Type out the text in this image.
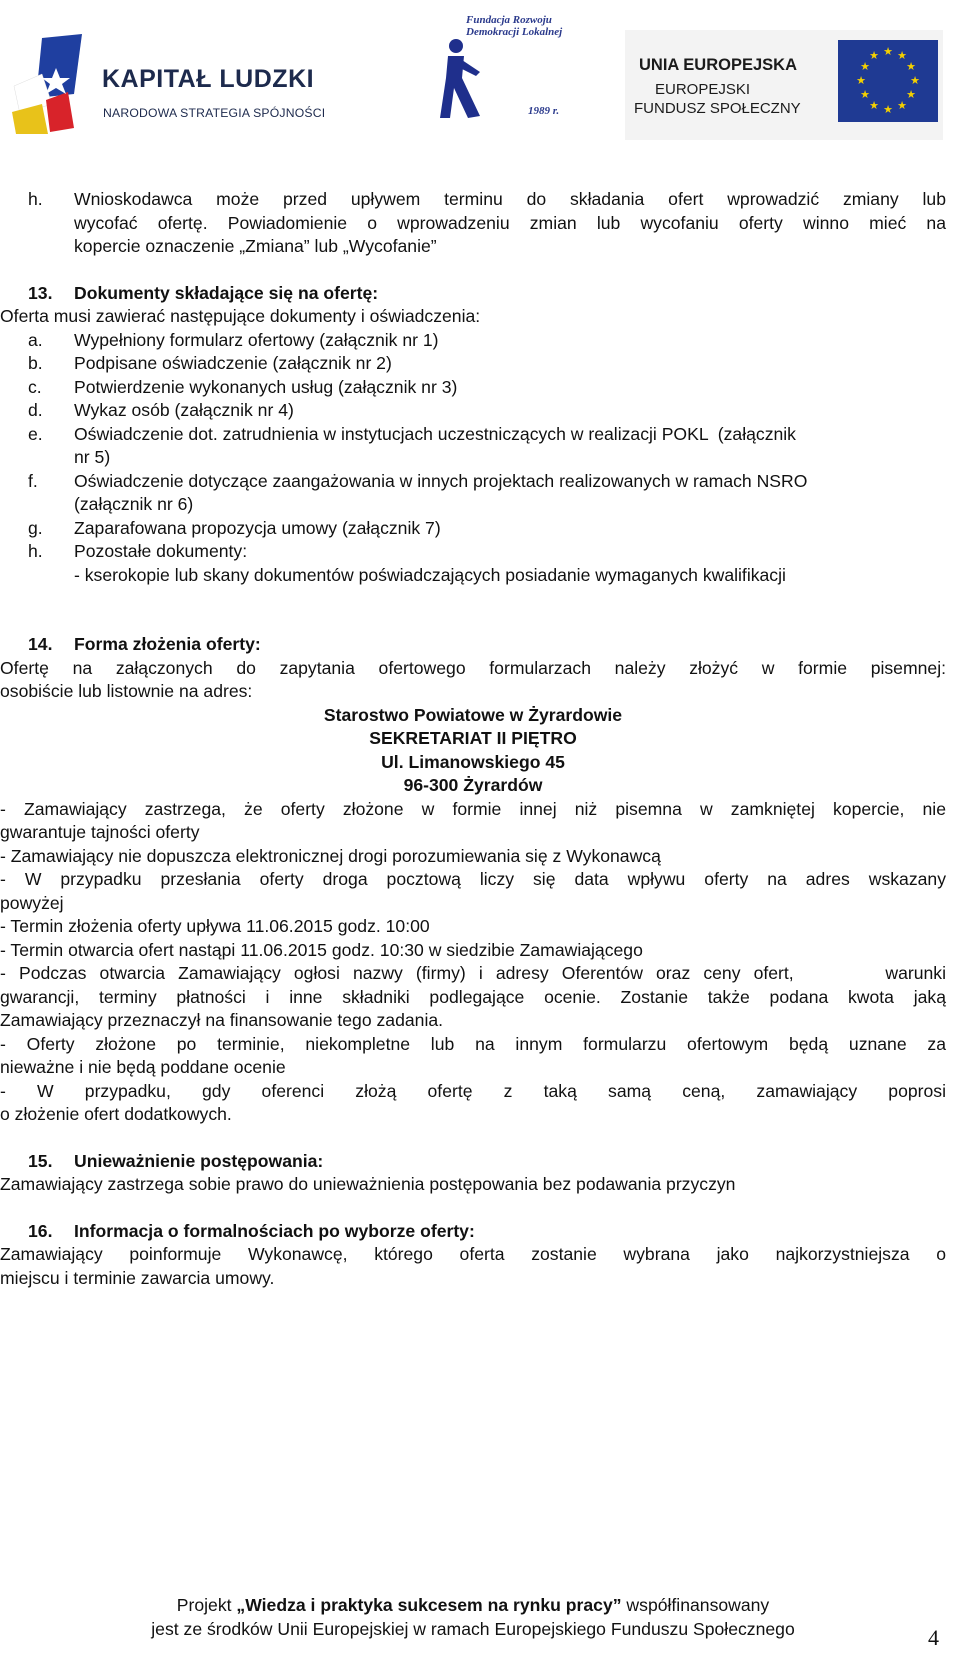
KAPITAŁ LUDZKI
NARODOWA STRATEGIA SPÓJNOŚCI
Fundacja Rozwoju
Demokracji Lokalnej
1989 r.
UNIA EUROPEJSKA
EUROPEJSKI
FUNDUSZ SPOŁECZNY
★ ★
★
★
★
★
★
★
★
★
★
★
h. Wnioskodawca może przed upływem terminu do składania ofert wprowadzić zmiany lub
wycofać ofertę. Powiadomienie o wprowadzeniu zmian lub wycofaniu oferty winno mieć na
kopercie oznaczenie „Zmiana” lub „Wycofanie”
13. Dokumenty składające się na ofertę:
Oferta musi zawierać następujące dokumenty i oświadczenia:
a. Wypełniony formularz ofertowy (załącznik nr 1)
b. Podpisane oświadczenie (załącznik nr 2)
c. Potwierdzenie wykonanych usług (załącznik nr 3)
d. Wykaz osób (załącznik nr 4)
e. Oświadczenie dot. zatrudnienia w instytucjach uczestniczących w realizacji POKL  (załącznik
nr 5)
f. Oświadczenie dotyczące zaangażowania w innych projektach realizowanych w ramach NSRO
(załącznik nr 6)
g. Zaparafowana propozycja umowy (załącznik 7)
h. Pozostałe dokumenty:
- kserokopie lub skany dokumentów poświadczających posiadanie wymaganych kwalifikacji
14. Forma złożenia oferty:
Ofertę na załączonych do zapytania ofertowego formularzach należy złożyć w formie pisemnej:
osobiście lub listownie na adres:
Starostwo Powiatowe w Żyrardowie
SEKRETARIAT II PIĘTRO
Ul. Limanowskiego 45
96-300 Żyrardów
- Zamawiający zastrzega, że oferty złożone w formie innej niż pisemna w zamkniętej kopercie, nie
gwarantuje tajności oferty
- Zamawiający nie dopuszcza elektronicznej drogi porozumiewania się z Wykonawcą
- W przypadku przesłania oferty droga pocztową liczy się data wpływu oferty na adres wskazany
powyżej
- Termin złożenia oferty upływa 11.06.2015 godz. 10:00
- Termin otwarcia ofert nastąpi 11.06.2015 godz. 10:30 w siedzibie Zamawiającego
- Podczas otwarcia Zamawiający ogłosi nazwy (firmy) i adresy Oferentów oraz ceny ofert,       warunki
gwarancji, terminy płatności i inne składniki podlegające ocenie. Zostanie także podana kwota jaką
Zamawiający przeznaczył na finansowanie tego zadania.
- Oferty złożone po terminie, niekompletne lub na innym formularzu ofertowym będą uznane za
nieważne i nie będą poddane ocenie
- W przypadku, gdy oferenci złożą ofertę z taką samą ceną, zamawiający poprosi
o złożenie ofert dodatkowych.
15. Unieważnienie postępowania:
Zamawiający zastrzega sobie prawo do unieważnienia postępowania bez podawania przyczyn
16. Informacja o formalnościach po wyborze oferty:
Zamawiający poinformuje Wykonawcę, którego oferta zostanie wybrana jako najkorzystniejsza o
miejscu i terminie zawarcia umowy.
Projekt „Wiedza i praktyka sukcesem na rynku pracy” współfinansowany
jest ze środków Unii Europejskiej w ramach Europejskiego Funduszu Społecznego	4
